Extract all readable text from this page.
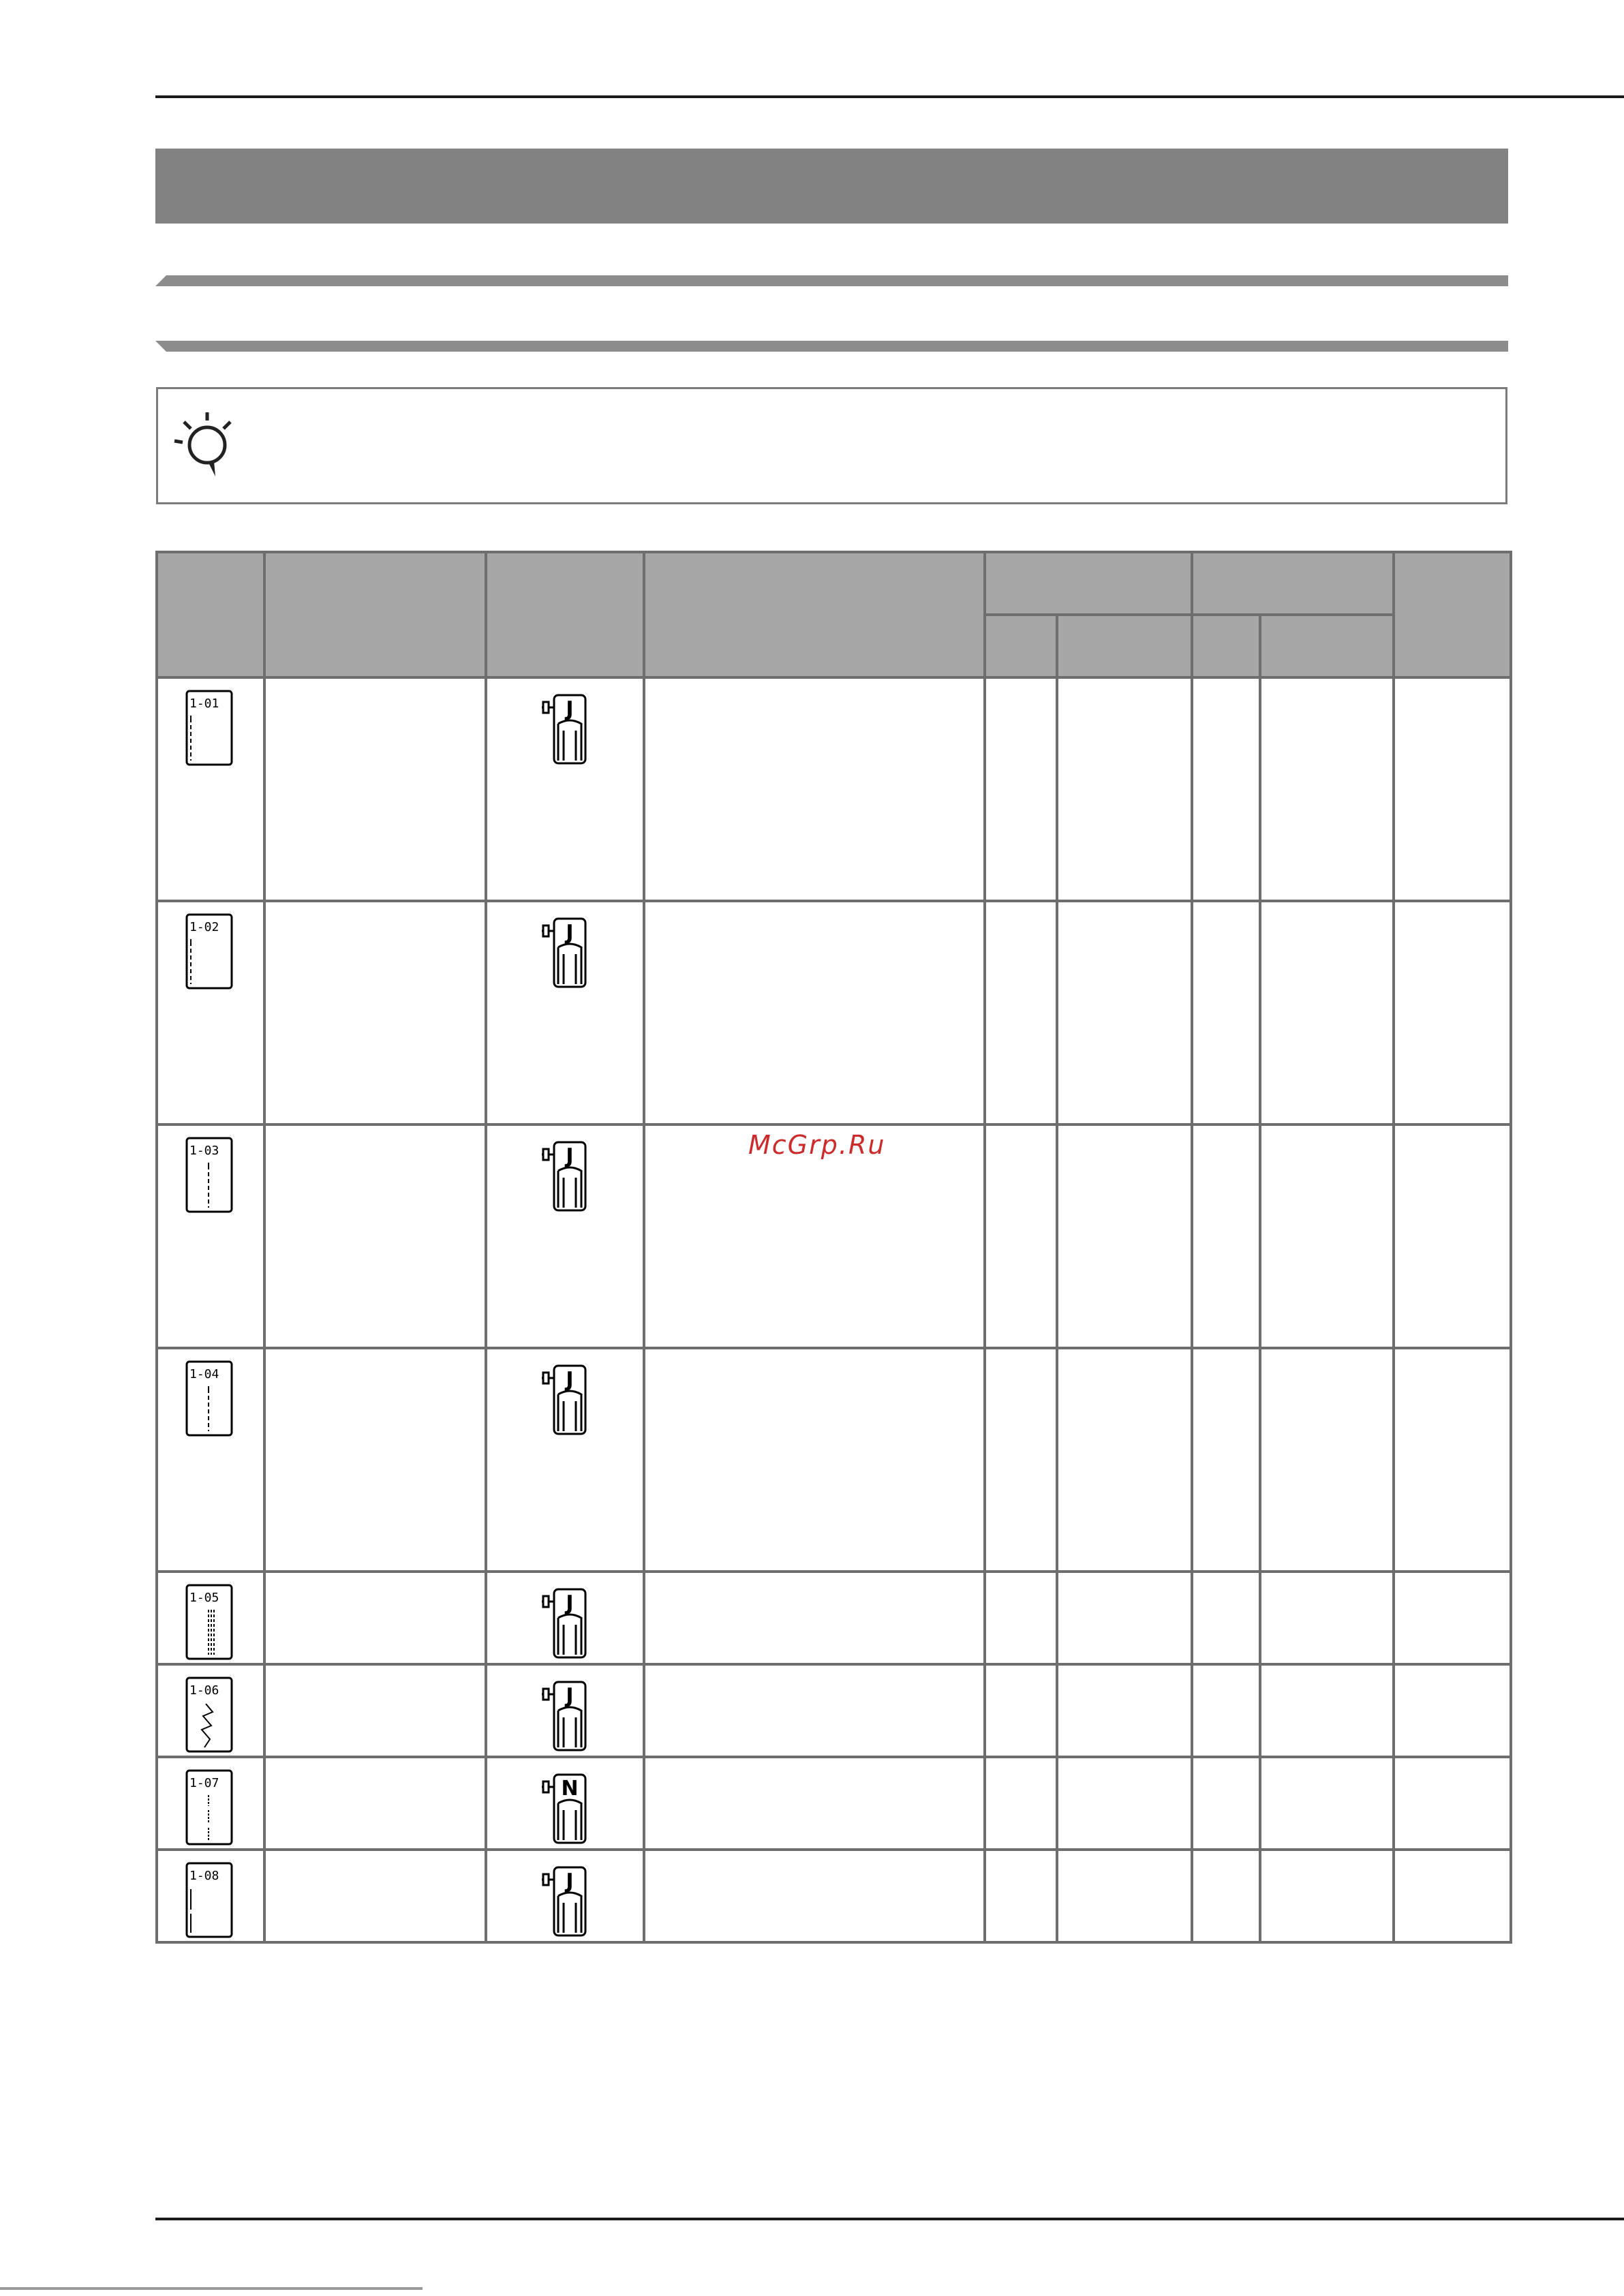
1-01		J						

1-02		J						

1-03		J						

1-04		J						

1-05		J						

1-06		J						

1-07		N						

1-08		J						

McGrp.Ru
